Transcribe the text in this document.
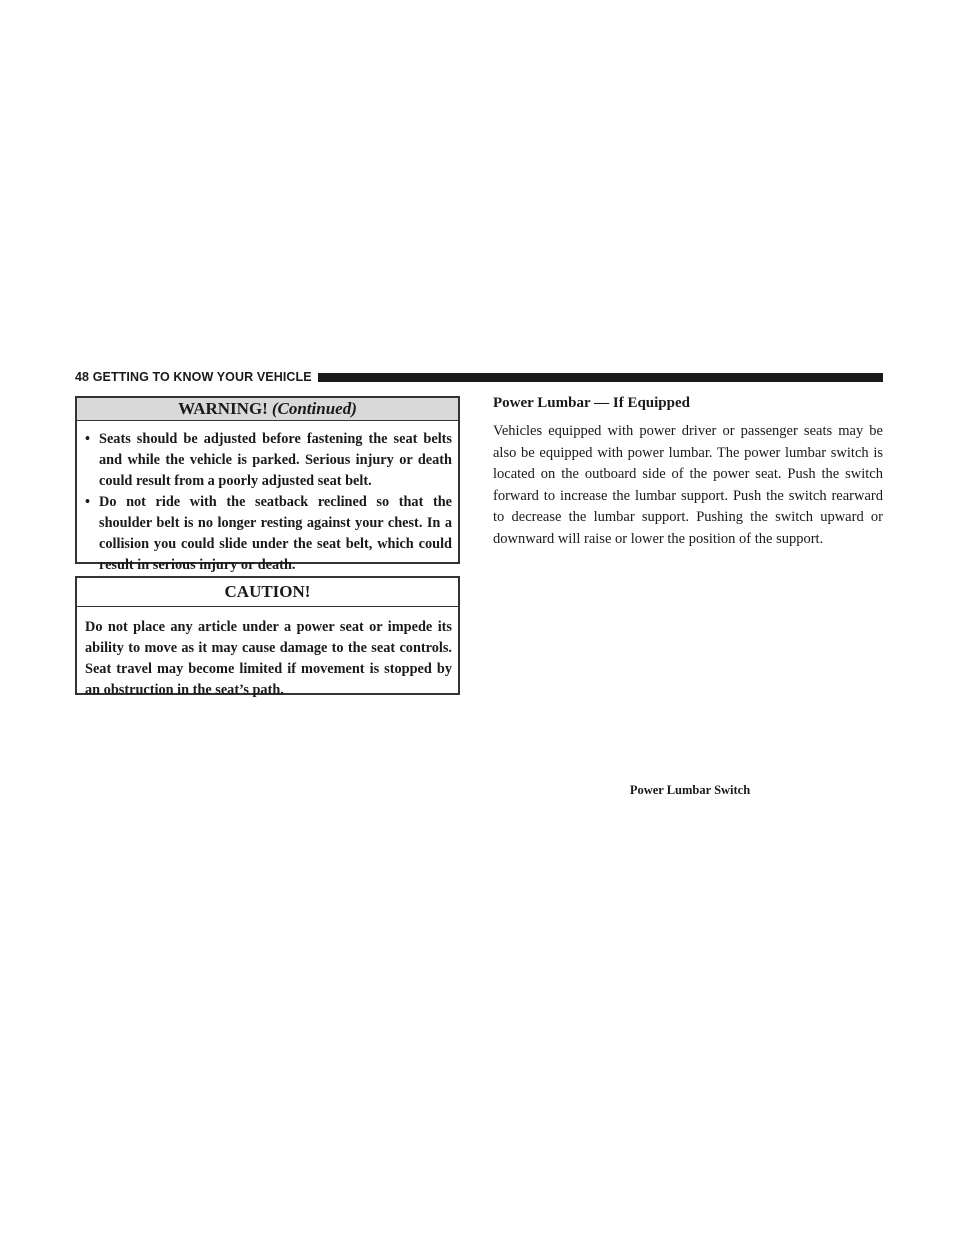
48 GETTING TO KNOW YOUR VEHICLE
WARNING! (Continued)
• Seats should be adjusted before fastening the seat belts and while the vehicle is parked. Serious injury or death could result from a poorly adjusted seat belt.
• Do not ride with the seatback reclined so that the shoulder belt is no longer resting against your chest. In a collision you could slide under the seat belt, which could result in serious injury or death.
CAUTION!
Do not place any article under a power seat or impede its ability to move as it may cause damage to the seat controls. Seat travel may become limited if movement is stopped by an obstruction in the seat’s path.
Power Lumbar — If Equipped
Vehicles equipped with power driver or passenger seats may be also be equipped with power lumbar. The power lumbar switch is located on the outboard side of the power seat. Push the switch forward to increase the lumbar support. Push the switch rearward to decrease the lumbar support. Pushing the switch upward or downward will raise or lower the position of the support.
Power Lumbar Switch
